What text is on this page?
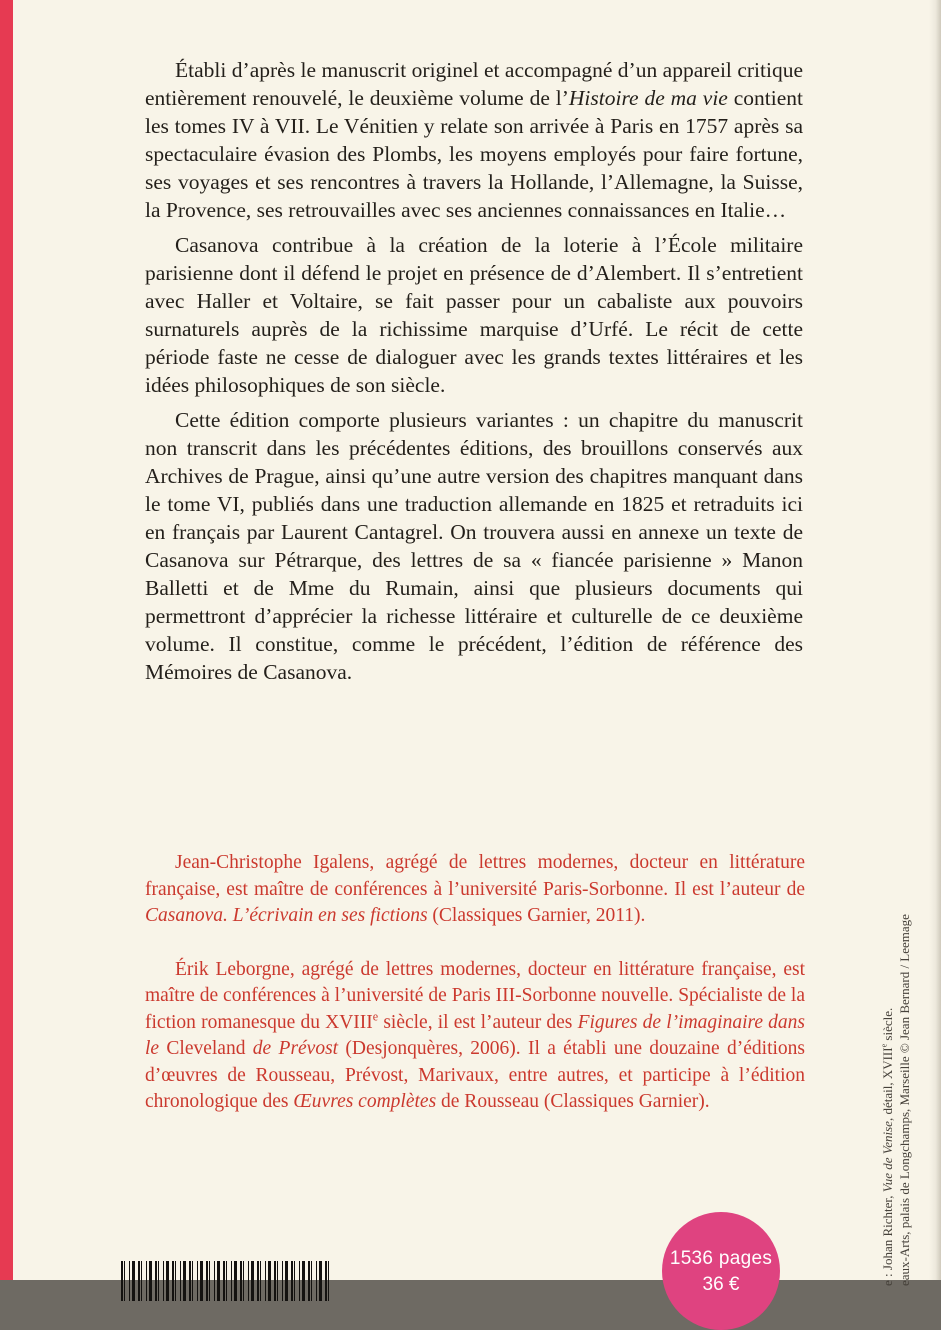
Établi d’après le manuscrit originel et accompagné d’un appareil critique entièrement renouvelé, le deuxième volume de l’Histoire de ma vie contient les tomes IV à VII. Le Vénitien y relate son arrivée à Paris en 1757 après sa spectaculaire évasion des Plombs, les moyens employés pour faire fortune, ses voyages et ses rencontres à travers la Hollande, l’Allemagne, la Suisse, la Provence, ses retrouvailles avec ses anciennes connaissances en Italie…

Casanova contribue à la création de la loterie à l’École militaire parisienne dont il défend le projet en présence de d’Alembert. Il s’entretient avec Haller et Voltaire, se fait passer pour un cabaliste aux pouvoirs surnaturels auprès de la richissime marquise d’Urfé. Le récit de cette période faste ne cesse de dialoguer avec les grands textes littéraires et les idées philosophiques de son siècle.

Cette édition comporte plusieurs variantes : un chapitre du manuscrit non transcrit dans les précédentes éditions, des brouillons conservés aux Archives de Prague, ainsi qu’une autre version des chapitres manquant dans le tome VI, publiés dans une traduction allemande en 1825 et retraduits ici en français par Laurent Cantagrel. On trouvera aussi en annexe un texte de Casanova sur Pétrarque, des lettres de sa « fiancée parisienne » Manon Balletti et de Mme du Rumain, ainsi que plusieurs documents qui permettront d’apprécier la richesse littéraire et culturelle de ce deuxième volume. Il constitue, comme le précédent, l’édition de référence des Mémoires de Casanova.

Jean-Christophe Igalens, agrégé de lettres modernes, docteur en littérature française, est maître de conférences à l’université Paris-Sorbonne. Il est l’auteur de Casanova. L’écrivain en ses fictions (Classiques Garnier, 2011).

Érik Leborgne, agrégé de lettres modernes, docteur en littérature française, est maître de conférences à l’université de Paris III-Sorbonne nouvelle. Spécialiste de la fiction romanesque du XVIIIe siècle, il est l’auteur des Figures de l’imaginaire dans le Cleveland de Prévost (Desjonquères, 2006). Il a établi une douzaine d’éditions d’œuvres de Rousseau, Prévost, Marivaux, entre autres, et participe à l’édition chronologique des Œuvres complètes de Rousseau (Classiques Garnier).

e : Johan Richter, Vue de Venise, détail, XVIIIe siècle. eaux-Arts, palais de Longchamps, Marseille © Jean Bernard / Leemage

1536 pages
36 €
